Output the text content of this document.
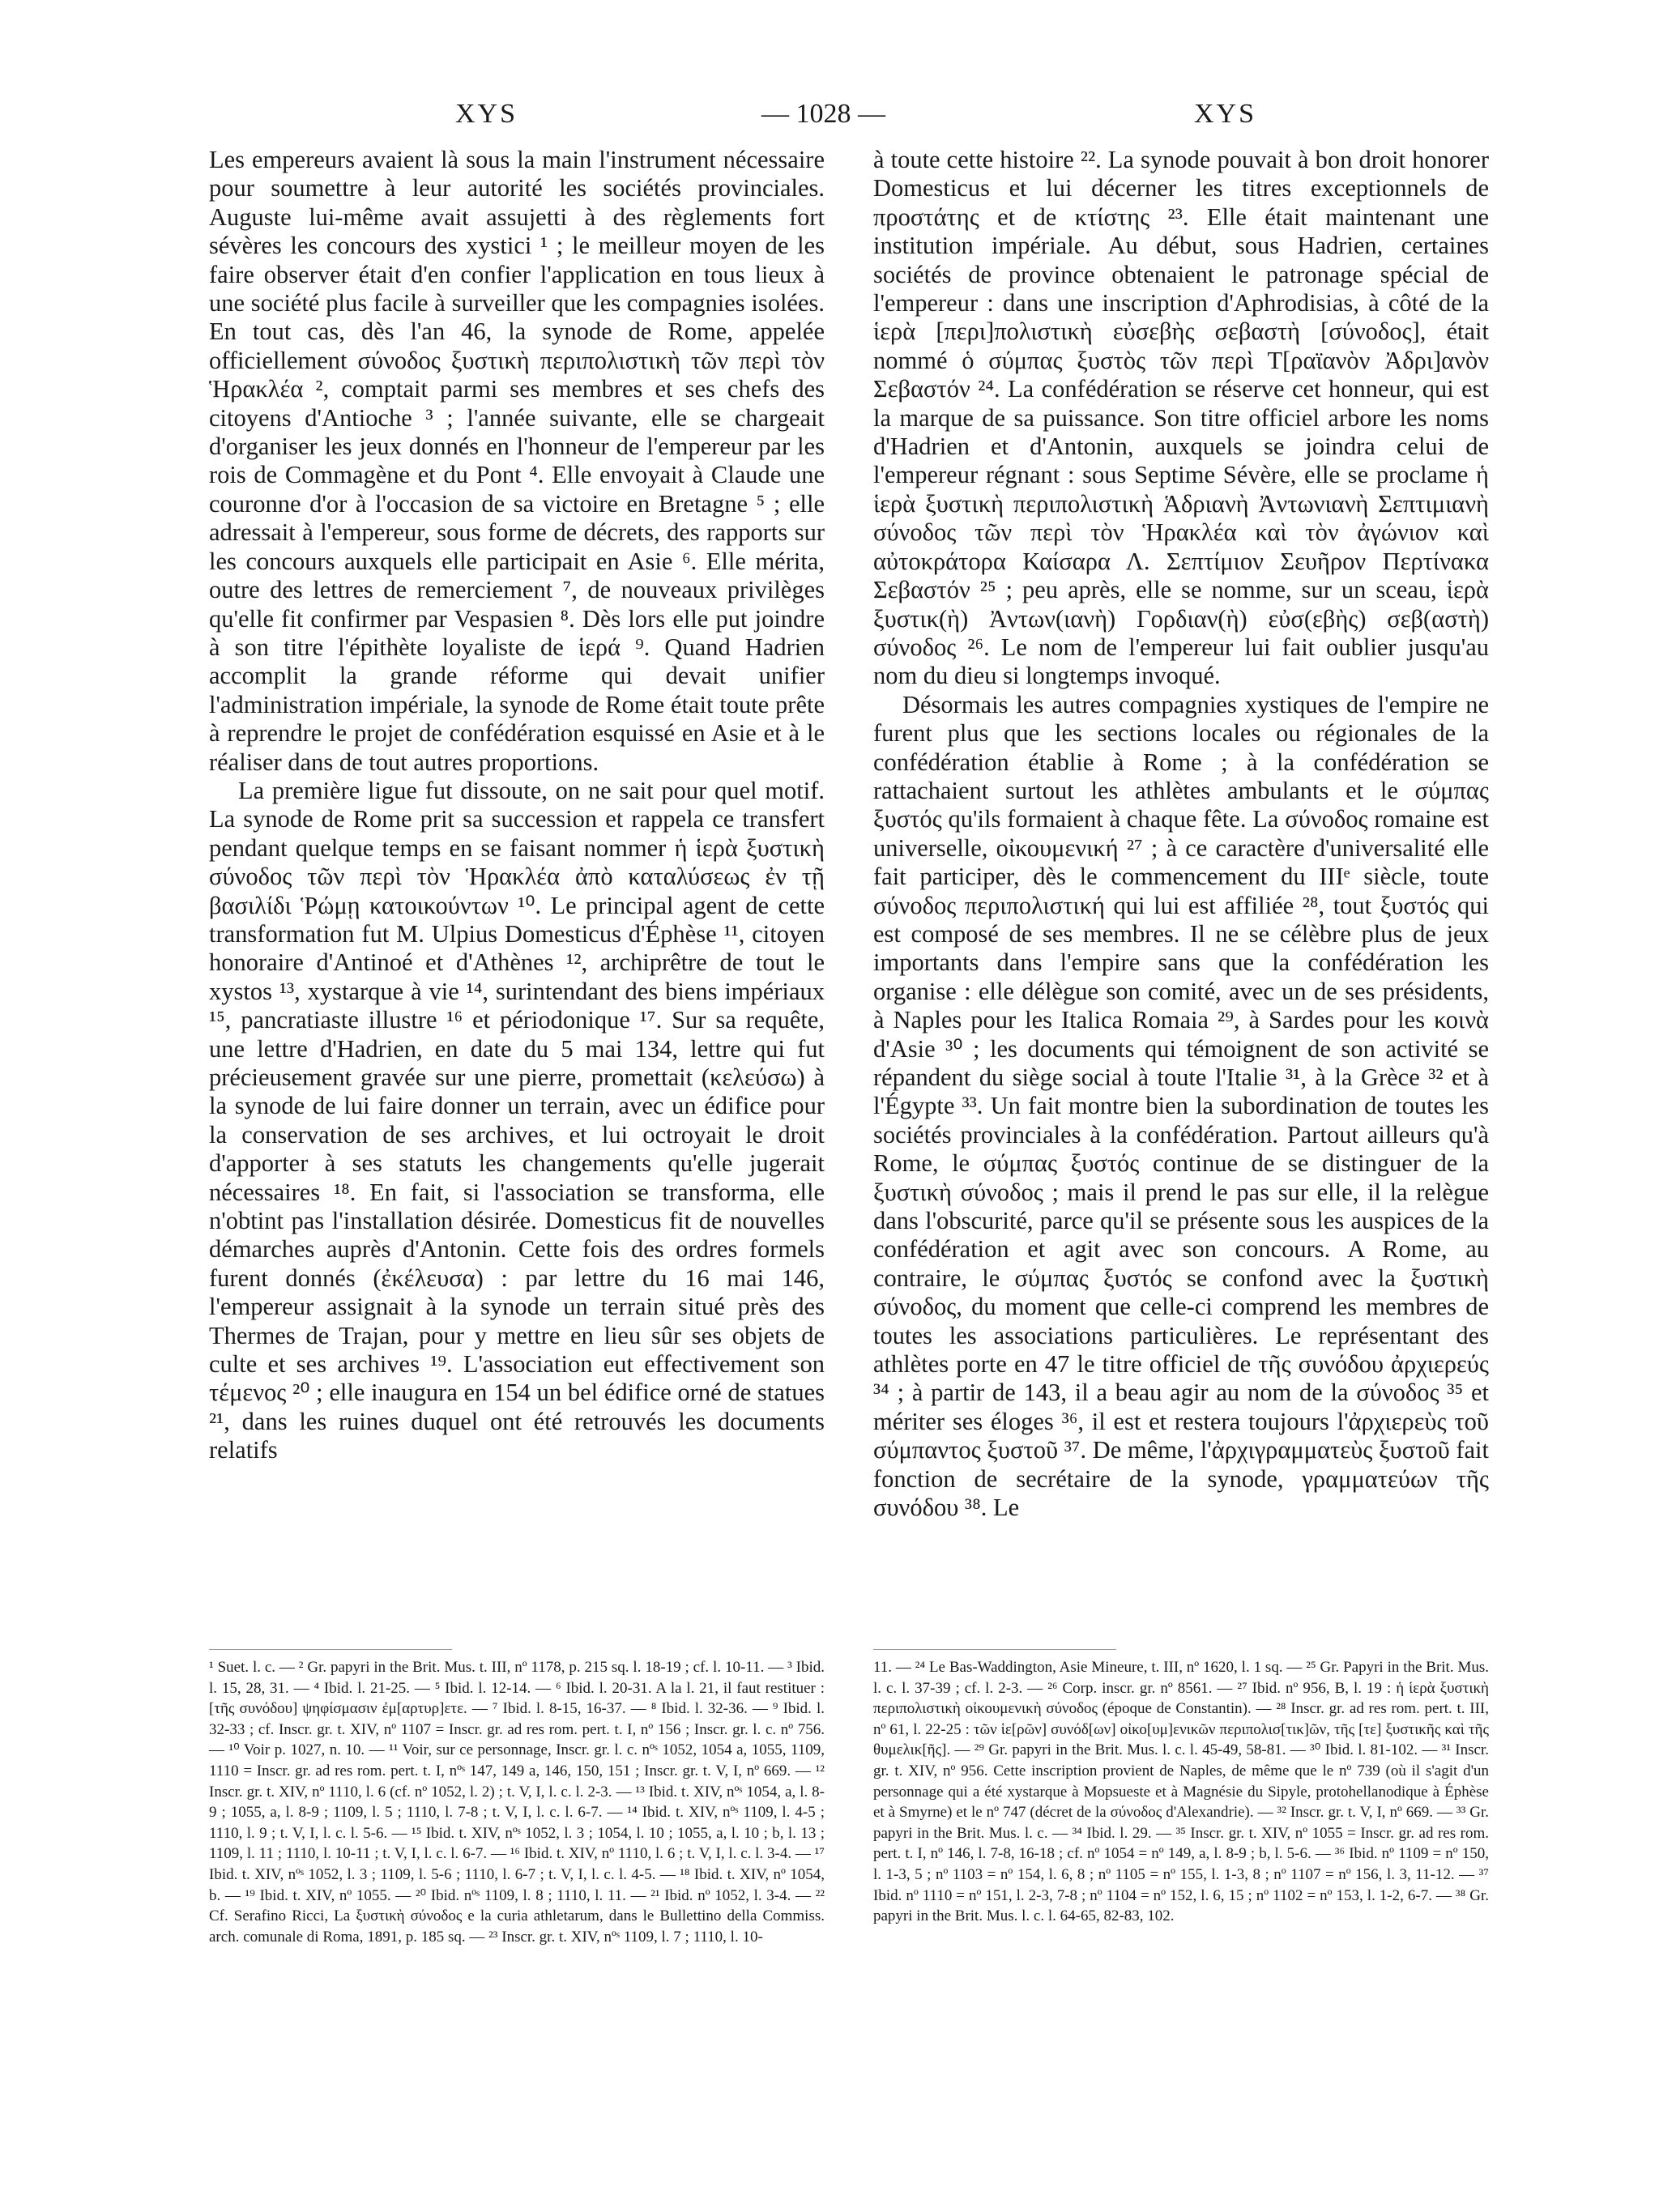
XYS	— 1028 —	XYS

Les empereurs avaient là sous la main l'instrument nécessaire pour soumettre à leur autorité les sociétés provinciales. Auguste lui-même avait assujetti à des règlements fort sévères les concours des xystici ¹ ; le meilleur moyen de les faire observer était d'en confier l'application en tous lieux à une société plus facile à surveiller que les compagnies isolées. En tout cas, dès l'an 46, la synode de Rome, appelée officiellement σύνοδος ξυστικὴ περιπολιστικὴ τῶν περὶ τὸν Ἡρακλέα ², comptait parmi ses membres et ses chefs des citoyens d'Antioche ³ ; l'année suivante, elle se chargeait d'organiser les jeux donnés en l'honneur de l'empereur par les rois de Commagène et du Pont ⁴. Elle envoyait à Claude une couronne d'or à l'occasion de sa victoire en Bretagne ⁵ ; elle adressait à l'empereur, sous forme de décrets, des rapports sur les concours auxquels elle participait en Asie ⁶. Elle mérita, outre des lettres de remerciement ⁷, de nouveaux privilèges qu'elle fit confirmer par Vespasien ⁸. Dès lors elle put joindre à son titre l'épithète loyaliste de ἱερά ⁹. Quand Hadrien accomplit la grande réforme qui devait unifier l'administration impériale, la synode de Rome était toute prête à reprendre le projet de confédération esquissé en Asie et à le réaliser dans de tout autres proportions.

La première ligue fut dissoute, on ne sait pour quel motif. La synode de Rome prit sa succession et rappela ce transfert pendant quelque temps en se faisant nommer ἡ ἱερὰ ξυστικὴ σύνοδος τῶν περὶ τὸν Ἡρακλέα ἀπὸ καταλύσεως ἐν τῇ βασιλίδι Ῥώμῃ κατοικούντων ¹⁰. Le principal agent de cette transformation fut M. Ulpius Domesticus d'Éphèse ¹¹, citoyen honoraire d'Antinoé et d'Athènes ¹², archiprêtre de tout le xystos ¹³, xystarque à vie ¹⁴, surintendant des biens impériaux ¹⁵, pancratiaste illustre ¹⁶ et périodonique ¹⁷. Sur sa requête, une lettre d'Hadrien, en date du 5 mai 134, lettre qui fut précieusement gravée sur une pierre, promettait (κελεύσω) à la synode de lui faire donner un terrain, avec un édifice pour la conservation de ses archives, et lui octroyait le droit d'apporter à ses statuts les changements qu'elle jugerait nécessaires ¹⁸. En fait, si l'association se transforma, elle n'obtint pas l'installation désirée. Domesticus fit de nouvelles démarches auprès d'Antonin. Cette fois des ordres formels furent donnés (ἐκέλευσα) : par lettre du 16 mai 146, l'empereur assignait à la synode un terrain situé près des Thermes de Trajan, pour y mettre en lieu sûr ses objets de culte et ses archives ¹⁹. L'association eut effectivement son τέμενος ²⁰ ; elle inaugura en 154 un bel édifice orné de statues ²¹, dans les ruines duquel ont été retrouvés les documents relatifs

à toute cette histoire ²². La synode pouvait à bon droit honorer Domesticus et lui décerner les titres exceptionnels de προστάτης et de κτίστης ²³. Elle était maintenant une institution impériale. Au début, sous Hadrien, certaines sociétés de province obtenaient le patronage spécial de l'empereur : dans une inscription d'Aphrodisias, à côté de la ἱερὰ [περι]πολιστικὴ εὐσεβὴς σεβαστὴ [σύνοδος], était nommé ὁ σύμπας ξυστὸς τῶν περὶ Τ[ραϊανὸν Ἀδρι]ανὸν Σεβαστόν ²⁴. La confédération se réserve cet honneur, qui est la marque de sa puissance. Son titre officiel arbore les noms d'Hadrien et d'Antonin, auxquels se joindra celui de l'empereur régnant : sous Septime Sévère, elle se proclame ἡ ἱερὰ ξυστικὴ περιπολιστικὴ Ἁδριανὴ Ἀντωνιανὴ Σεπτιμιανὴ σύνοδος τῶν περὶ τὸν Ἡρακλέα καὶ τὸν ἀγώνιον καὶ αὐτοκράτορα Καίσαρα Λ. Σεπτίμιον Σευῆρον Περτίνακα Σεβαστόν ²⁵ ; peu après, elle se nomme, sur un sceau, ἱερὰ ξυστικ(ὴ) Ἀντων(ιανὴ) Γορδιαν(ὴ) εὐσ(εβὴς) σεβ(αστὴ) σύνοδος ²⁶. Le nom de l'empereur lui fait oublier jusqu'au nom du dieu si longtemps invoqué.

Désormais les autres compagnies xystiques de l'empire ne furent plus que les sections locales ou régionales de la confédération établie à Rome ; à la confédération se rattachaient surtout les athlètes ambulants et le σύμπας ξυστός qu'ils formaient à chaque fête. La σύνοδος romaine est universelle, οἰκουμενική ²⁷ ; à ce caractère d'universalité elle fait participer, dès le commencement du IIIᵉ siècle, toute σύνοδος περιπολιστική qui lui est affiliée ²⁸, tout ξυστός qui est composé de ses membres. Il ne se célèbre plus de jeux importants dans l'empire sans que la confédération les organise : elle délègue son comité, avec un de ses présidents, à Naples pour les Italica Romaia ²⁹, à Sardes pour les κοινὰ d'Asie ³⁰ ; les documents qui témoignent de son activité se répandent du siège social à toute l'Italie ³¹, à la Grèce ³² et à l'Égypte ³³. Un fait montre bien la subordination de toutes les sociétés provinciales à la confédération. Partout ailleurs qu'à Rome, le σύμπας ξυστός continue de se distinguer de la ξυστικὴ σύνοδος ; mais il prend le pas sur elle, il la relègue dans l'obscurité, parce qu'il se présente sous les auspices de la confédération et agit avec son concours. A Rome, au contraire, le σύμπας ξυστός se confond avec la ξυστικὴ σύνοδος, du moment que celle-ci comprend les membres de toutes les associations particulières. Le représentant des athlètes porte en 47 le titre officiel de τῆς συνόδου ἀρχιερεύς ³⁴ ; à partir de 143, il a beau agir au nom de la σύνοδος ³⁵ et mériter ses éloges ³⁶, il est et restera toujours l'ἀρχιερεὺς τοῦ σύμπαντος ξυστοῦ ³⁷. De même, l'ἀρχιγραμματεὺς ξυστοῦ fait fonction de secrétaire de la synode, γραμματεύων τῆς συνόδου ³⁸. Le

¹ Suet. l. c. — ² Gr. papyri in the Brit. Mus. t. III, nº 1178, p. 215 sq. l. 18-19 ; cf. l. 10-11. — ³ Ibid. l. 15, 28, 31. — ⁴ Ibid. l. 21-25. — ⁵ Ibid. l. 12-14. — ⁶ Ibid. l. 20-31. A la l. 21, il faut restituer : [τῆς συνόδου] ψηφίσμασιν ἐμ[αρτυρ]ετε. — ⁷ Ibid. l. 8-15, 16-37. — ⁸ Ibid. l. 32-36. — ⁹ Ibid. l. 32-33 ; cf. Inscr. gr. t. XIV, nº 1107 = Inscr. gr. ad res rom. pert. t. I, nº 156 ; Inscr. gr. l. c. nº 756. — ¹⁰ Voir p. 1027, n. 10. — ¹¹ Voir, sur ce personnage, Inscr. gr. l. c. nºˢ 1052, 1054 a, 1055, 1109, 1110 = Inscr. gr. ad res rom. pert. t. I, nºˢ 147, 149 a, 146, 150, 151 ; Inscr. gr. t. V, I, nº 669. — ¹² Inscr. gr. t. XIV, nº 1110, l. 6 (cf. nº 1052, l. 2) ; t. V, I, l. c. l. 2-3. — ¹³ Ibid. t. XIV, nºˢ 1054, a, l. 8-9 ; 1055, a, l. 8-9 ; 1109, l. 5 ; 1110, l. 7-8 ; t. V, I, l. c. l. 6-7. — ¹⁴ Ibid. t. XIV, nºˢ 1109, l. 4-5 ; 1110, l. 9 ; t. V, I, l. c. l. 5-6. — ¹⁵ Ibid. t. XIV, nºˢ 1052, l. 3 ; 1054, l. 10 ; 1055, a, l. 10 ; b, l. 13 ; 1109, l. 11 ; 1110, l. 10-11 ; t. V, I, l. c. l. 6-7. — ¹⁶ Ibid. t. XIV, nº 1110, l. 6 ; t. V, I, l. c. l. 3-4. — ¹⁷ Ibid. t. XIV, nºˢ 1052, l. 3 ; 1109, l. 5-6 ; 1110, l. 6-7 ; t. V, I, l. c. l. 4-5. — ¹⁸ Ibid. t. XIV, nº 1054, b. — ¹⁹ Ibid. t. XIV, nº 1055. — ²⁰ Ibid. nºˢ 1109, l. 8 ; 1110, l. 11. — ²¹ Ibid. nº 1052, l. 3-4. — ²² Cf. Serafino Ricci, La ξυστικὴ σύνοδος e la curia athletarum, dans le Bullettino della Commiss. arch. comunale di Roma, 1891, p. 185 sq. — ²³ Inscr. gr. t. XIV, nºˢ 1109, l. 7 ; 1110, l. 10-

11. — ²⁴ Le Bas-Waddington, Asie Mineure, t. III, nº 1620, l. 1 sq. — ²⁵ Gr. Papyri in the Brit. Mus. l. c. l. 37-39 ; cf. l. 2-3. — ²⁶ Corp. inscr. gr. nº 8561. — ²⁷ Ibid. nº 956, B, l. 19 : ἡ ἱερὰ ξυστικὴ περιπολιστικὴ οἰκουμενικὴ σύνοδος (époque de Constantin). — ²⁸ Inscr. gr. ad res rom. pert. t. III, nº 61, l. 22-25 : τῶν ἱε[ρῶν] συνόδ[ων] οἰκο[υμ]ενικῶν περιπολισ[τικ]ῶν, τῆς [τε] ξυστικῆς καὶ τῆς θυμελικ[ῆς]. — ²⁹ Gr. papyri in the Brit. Mus. l. c. l. 45-49, 58-81. — ³⁰ Ibid. l. 81-102. — ³¹ Inscr. gr. t. XIV, nº 956. Cette inscription provient de Naples, de même que le nº 739 (où il s'agit d'un personnage qui a été xystarque à Mopsueste et à Magnésie du Sipyle, protohellanodique à Éphèse et à Smyrne) et le nº 747 (décret de la σύνοδος d'Alexandrie). — ³² Inscr. gr. t. V, I, nº 669. — ³³ Gr. papyri in the Brit. Mus. l. c. — ³⁴ Ibid. l. 29. — ³⁵ Inscr. gr. t. XIV, nº 1055 = Inscr. gr. ad res rom. pert. t. I, nº 146, l. 7-8, 16-18 ; cf. nº 1054 = nº 149, a, l. 8-9 ; b, l. 5-6. — ³⁶ Ibid. nº 1109 = nº 150, l. 1-3, 5 ; nº 1103 = nº 154, l. 6, 8 ; nº 1105 = nº 155, l. 1-3, 8 ; nº 1107 = nº 156, l. 3, 11-12. — ³⁷ Ibid. nº 1110 = nº 151, l. 2-3, 7-8 ; nº 1104 = nº 152, l. 6, 15 ; nº 1102 = nº 153, l. 1-2, 6-7. — ³⁸ Gr. papyri in the Brit. Mus. l. c. l. 64-65, 82-83, 102.
